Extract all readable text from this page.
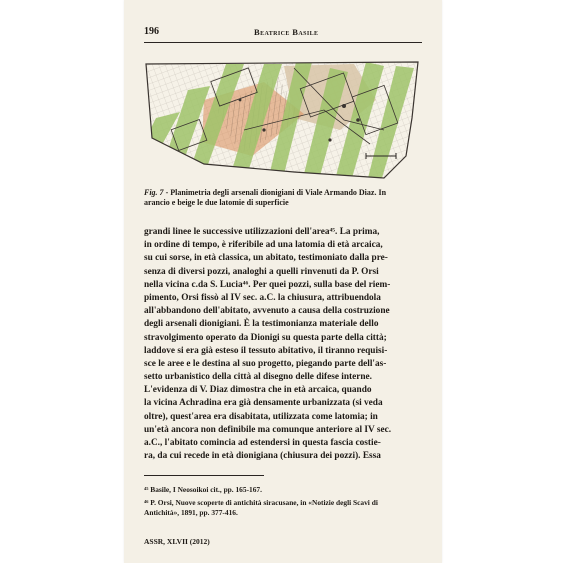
196	Beatrice Basile
Fig. 7 - Planimetria degli arsenali dionigiani di Viale Armando Diaz. In
arancio e beige le due latomie di superficie
grandi linee le successive utilizzazioni dell'area⁴⁵. La prima,
in ordine di tempo, è riferibile ad una latomia di età arcaica,
su cui sorse, in età classica, un abitato, testimoniato dalla pre-
senza di diversi pozzi, analoghi a quelli rinvenuti da P. Orsi
nella vicina c.da S. Lucia⁴⁶. Per quei pozzi, sulla base del riem-
pimento, Orsi fissò al IV sec. a.C. la chiusura, attribuendola
all'abbandono dell'abitato, avvenuto a causa della costruzione
degli arsenali dionigiani. È la testimonianza materiale dello
stravolgimento operato da Dionigi su questa parte della città;
laddove si era già esteso il tessuto abitativo, il tiranno requisi-
sce le aree e le destina al suo progetto, piegando parte dell'as-
setto urbanistico della città al disegno delle difese interne.
L'evidenza di V. Diaz dimostra che in età arcaica, quando
la vicina Achradina era già densamente urbanizzata (si veda
oltre), quest'area era disabitata, utilizzata come latomia; in
un'età ancora non definibile ma comunque anteriore al IV sec.
a.C., l'abitato comincia ad estendersi in questa fascia costie-
ra, da cui recede in età dionigiana (chiusura dei pozzi). Essa
⁴⁵ Basile, I Neosoikoi cit., pp. 165-167.
⁴⁶ P. Orsi, Nuove scoperte di antichità siracusane, in «Notizie degli Scavi di
Antichità», 1891, pp. 377-416.
ASSR, XLVII (2012)
